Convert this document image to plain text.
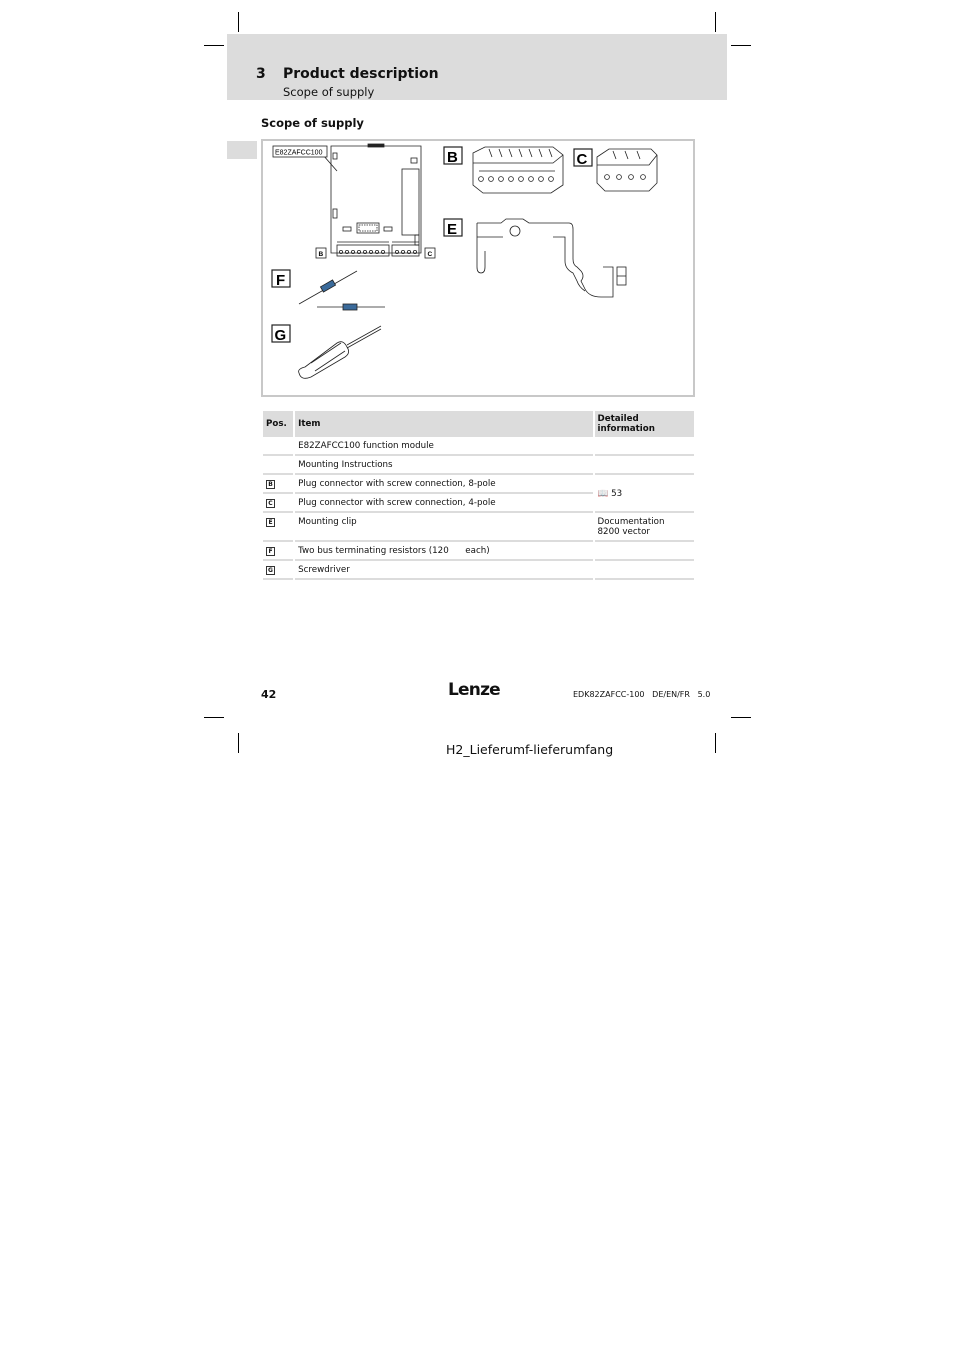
3 Product description
Scope of supply
Scope of supply
E82ZAFCC100
B	C
B	C
E
F
G
Pos.	Item	Detailed information
	E82ZAFCC100 function module	
	Mounting Instructions	
B	Plug connector with screw connection, 8-pole	📖 53
C	Plug connector with screw connection, 4-pole	
E	Mounting clip	Documentation
8200 vector

F	Two bus terminating resistors (120      each)	
G	Screwdriver	
42	Lenze	EDK82ZAFCC-100   DE/EN/FR   5.0
H2_Lieferumf-lieferumfang
